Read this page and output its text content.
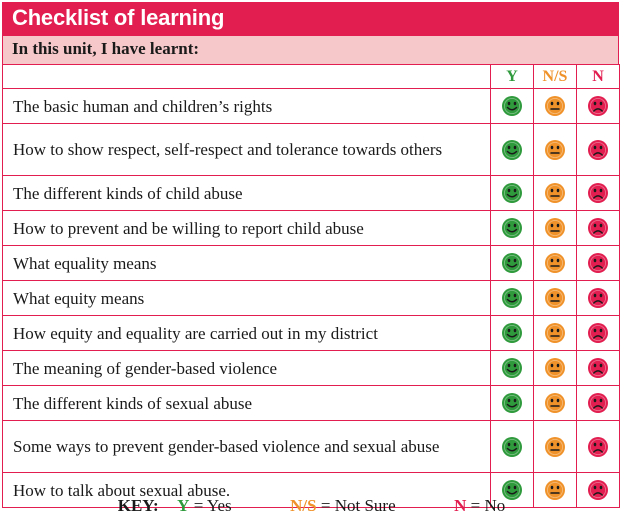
Checklist of learning
In this unit, I have learnt:
	Y	N/S	N
The basic human and children’s rights	

How to show respect, self-respect and tolerance towards others	

The different kinds of child abuse	

How to prevent and be willing to report child abuse	

What equality means	

What equity means	

How equity and equality are carried out in my district	

The meaning of gender-based violence	

The different kinds of sexual abuse	

Some ways to prevent gender-based violence and sexual abuse	

How to talk about sexual abuse.	

KEY: Y = Yes	N/S = Not Sure	N = No
